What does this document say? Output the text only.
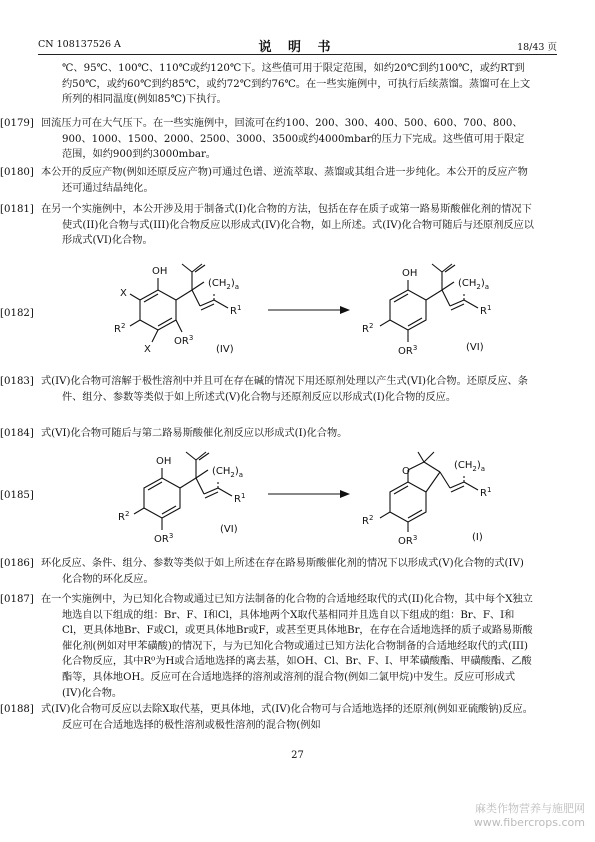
CN 108137526 A	说 明 书	18/43 页
℃、95℃、100℃、110℃或约120℃下。这些值可用于限定范围，如约20℃到约100℃，或约RT到约50℃，或约60℃到约85℃，或约72℃到约76℃。在一些实施例中，可执行后续蒸馏。蒸馏可在上文所列的相同温度(例如85℃)下执行。
[0179] 回流压力可在大气压下。在一些实施例中，回流可在约100、200、300、400、500、600、700、800、900、1000、1500、2000、2500、3000、3500或约4000mbar的压力下完成。这些值可用于限定范围，如约900到约3000mbar。
[0180] 本公开的反应产物(例如还原反应产物)可通过色谱、逆流萃取、蒸馏或其组合进一步纯化。本公开的反应产物还可通过结晶纯化。
[0181] 在另一个实施例中，本公开涉及用于制备式(I)化合物的方法，包括在存在质子或第一路易斯酸催化剂的情况下使式(II)化合物与式(III)化合物反应以形成式(IV)化合物，如上所述。式(IV)化合物可随后与还原剂反应以形成式(VI)化合物。
[0182]
OH
X
$R^2$
X
$OR^3$
$(CH_2)_a$
$R^1$
(IV)
OH
$R^2$
$OR^3$
$(CH_2)_a$
$R^1$
(VI)
[0183] 式(IV)化合物可溶解于极性溶剂中并且可在存在碱的情况下用还原剂处理以产生式(VI)化合物。还原反应、条件、组分、参数等类似于如上所述式(V)化合物与还原剂反应以形成式(I)化合物的反应。
[0184] 式(VI)化合物可随后与第二路易斯酸催化剂反应以形成式(I)化合物。
[0185]
OH
$R^2$
$OR^3$
$(CH_2)_a$
$R^1$
(VI)
O
$R^2$
$OR^3$
$(CH_2)_a$
$R^1$
(I)
[0186] 环化反应、条件、组分、参数等类似于如上所述在存在路易斯酸催化剂的情况下以形成式(V)化合物的式(IV)化合物的环化反应。
[0187] 在一个实施例中，为已知化合物或通过已知方法制备的化合物的合适地经取代的式(II)化合物，其中每个X独立地选自以下组成的组：Br、F、I和Cl，具体地两个X取代基相同并且选自以下组成的组：Br、F、I和Cl，更具体地Br、F或Cl，或更具体地Br或F，或甚至更具体地Br，在存在合适地选择的质子或路易斯酸催化剂(例如对甲苯磺酸)的情况下，与为已知化合物或通过已知方法化合物制备的合适地经取代的式(III)化合物反应，其中R⁰为H或合适地选择的离去基，如OH、Cl、Br、F、I、甲苯磺酸酯、甲磺酸酯、乙酸酯等，具体地OH。反应可在合适地选择的溶剂或溶剂的混合物(例如二氯甲烷)中发生。反应可形成式(IV)化合物。
[0188] 式(IV)化合物可反应以去除X取代基，更具体地，式(IV)化合物可与合适地选择的还原剂(例如亚硫酸钠)反应。反应可在合适地选择的极性溶剂或极性溶剂的混合物(例如
27
麻类作物营养与施肥网
www.fibercrops.com
